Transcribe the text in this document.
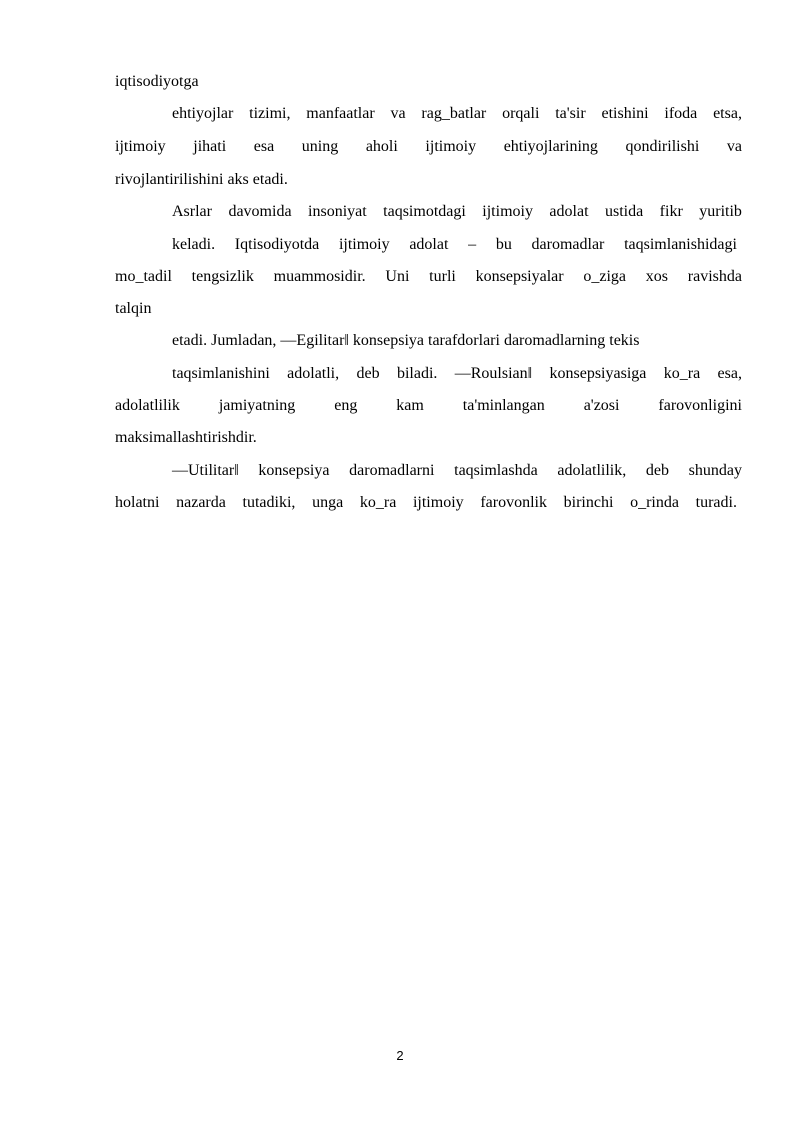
iqtisodiyotga
ehtiyojlar tizimi, manfaatlar va rag_batlar orqali ta'sir etishini ifoda etsa,
ijtimoiy jihati esa uning aholi ijtimoiy ehtiyojlarining qondirilishi va
rivojlantirilishini aks etadi.
Asrlar davomida insoniyat taqsimotdagi ijtimoiy adolat ustida fikr yuritib
keladi. Iqtisodiyotda ijtimoiy adolat – bu daromadlar taqsimlanishidagi
mo_tadil tengsizlik muammosidir. Uni turli konsepsiyalar o_ziga xos ravishda
talqin
etadi. Jumladan, ―Egilitar‖ konsepsiya tarafdorlari daromadlarning tekis
taqsimlanishini adolatli, deb biladi. ―Roulsian‖ konsepsiyasiga ko_ra esa,
adolatlilik jamiyatning eng kam ta'minlangan a'zosi farovonligini
maksimallashtirishdir.
―Utilitar‖ konsepsiya daromadlarni taqsimlashda adolatlilik, deb shunday
holatni nazarda tutadiki, unga ko_ra ijtimoiy farovonlik birinchi o_rinda turadi.
2
